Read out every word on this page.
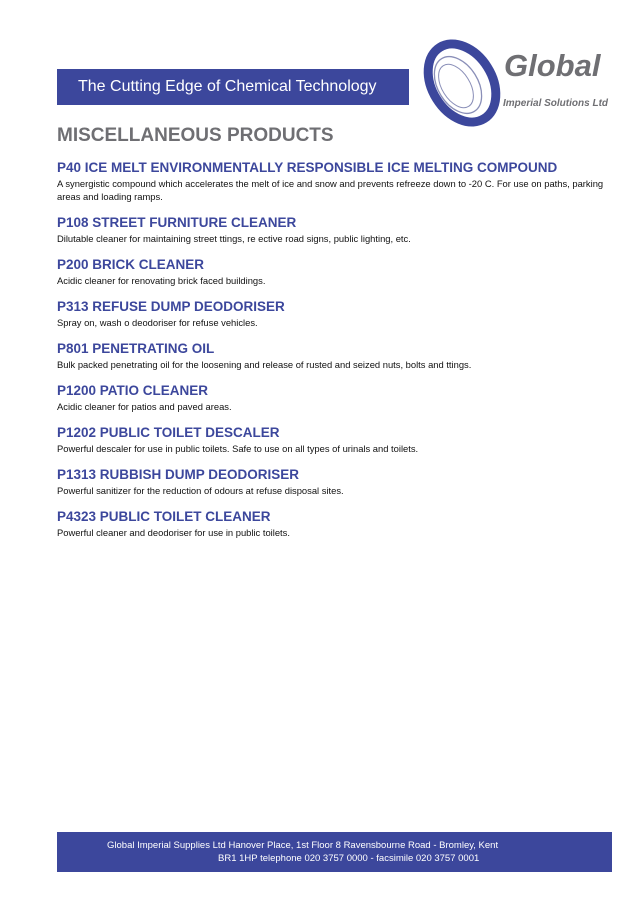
The Cutting Edge of Chemical Technology
Global
Imperial Solutions Ltd
MISCELLANEOUS PRODUCTS
P40 ICE MELT ENVIRONMENTALLY RESPONSIBLE ICE MELTING COMPOUND

A synergistic compound which accelerates the melt of ice and snow and prevents refreeze down to -20 C. For use on paths, parking areas and loading ramps.

P108 STREET FURNITURE CLEANER

Dilutable cleaner for maintaining street ttings, re ective road signs, public lighting, etc.

P200 BRICK CLEANER

Acidic cleaner for renovating brick faced buildings.

P313 REFUSE DUMP DEODORISER

Spray on, wash o deodoriser for refuse vehicles.

P801 PENETRATING OIL

Bulk packed penetrating oil for the loosening and release of rusted and seized nuts, bolts and ttings.

P1200 PATIO CLEANER

Acidic cleaner for patios and paved areas.

P1202 PUBLIC TOILET DESCALER

Powerful descaler for use in public toilets. Safe to use on all types of urinals and toilets.

P1313 RUBBISH DUMP DEODORISER

Powerful sanitizer for the reduction of odours at refuse disposal sites.

P4323 PUBLIC TOILET CLEANER

Powerful cleaner and deodoriser for use in public toilets.

Global Imperial Supplies Ltd Hanover Place, 1st Floor 8 Ravensbourne Road - Bromley, Kent
BR1 1HP telephone 020 3757 0000 - facsimile 020 3757 0001
